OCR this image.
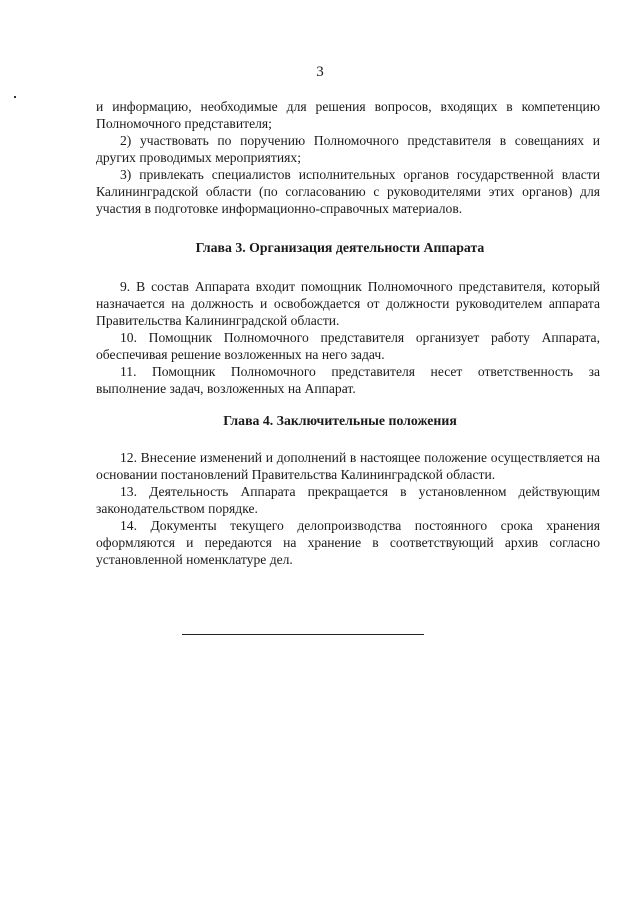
3

и информацию, необходимые для решения вопросов, входящих в компетенцию Полномочного представителя;

2) участвовать по поручению Полномочного представителя в совещаниях и других проводимых мероприятиях;

3) привлекать специалистов исполнительных органов государственной власти Калининградской области (по согласованию с руководителями этих органов) для участия в подготовке информационно-справочных материалов.

Глава 3. Организация деятельности Аппарата

9. В состав Аппарата входит помощник Полномочного представителя, который назначается на должность и освобождается от должности руководителем аппарата Правительства Калининградской области.

10. Помощник Полномочного представителя организует работу Аппарата, обеспечивая решение возложенных на него задач.

11. Помощник Полномочного представителя несет ответственность за выполнение задач, возложенных на Аппарат.

Глава 4. Заключительные положения

12. Внесение изменений и дополнений в настоящее положение осуществляется на основании постановлений Правительства Калининградской области.

13. Деятельность Аппарата прекращается в установленном действующим законодательством порядке.

14. Документы текущего делопроизводства постоянного срока хранения оформляются и передаются на хранение в соответствующий архив согласно установленной номенклатуре дел.
